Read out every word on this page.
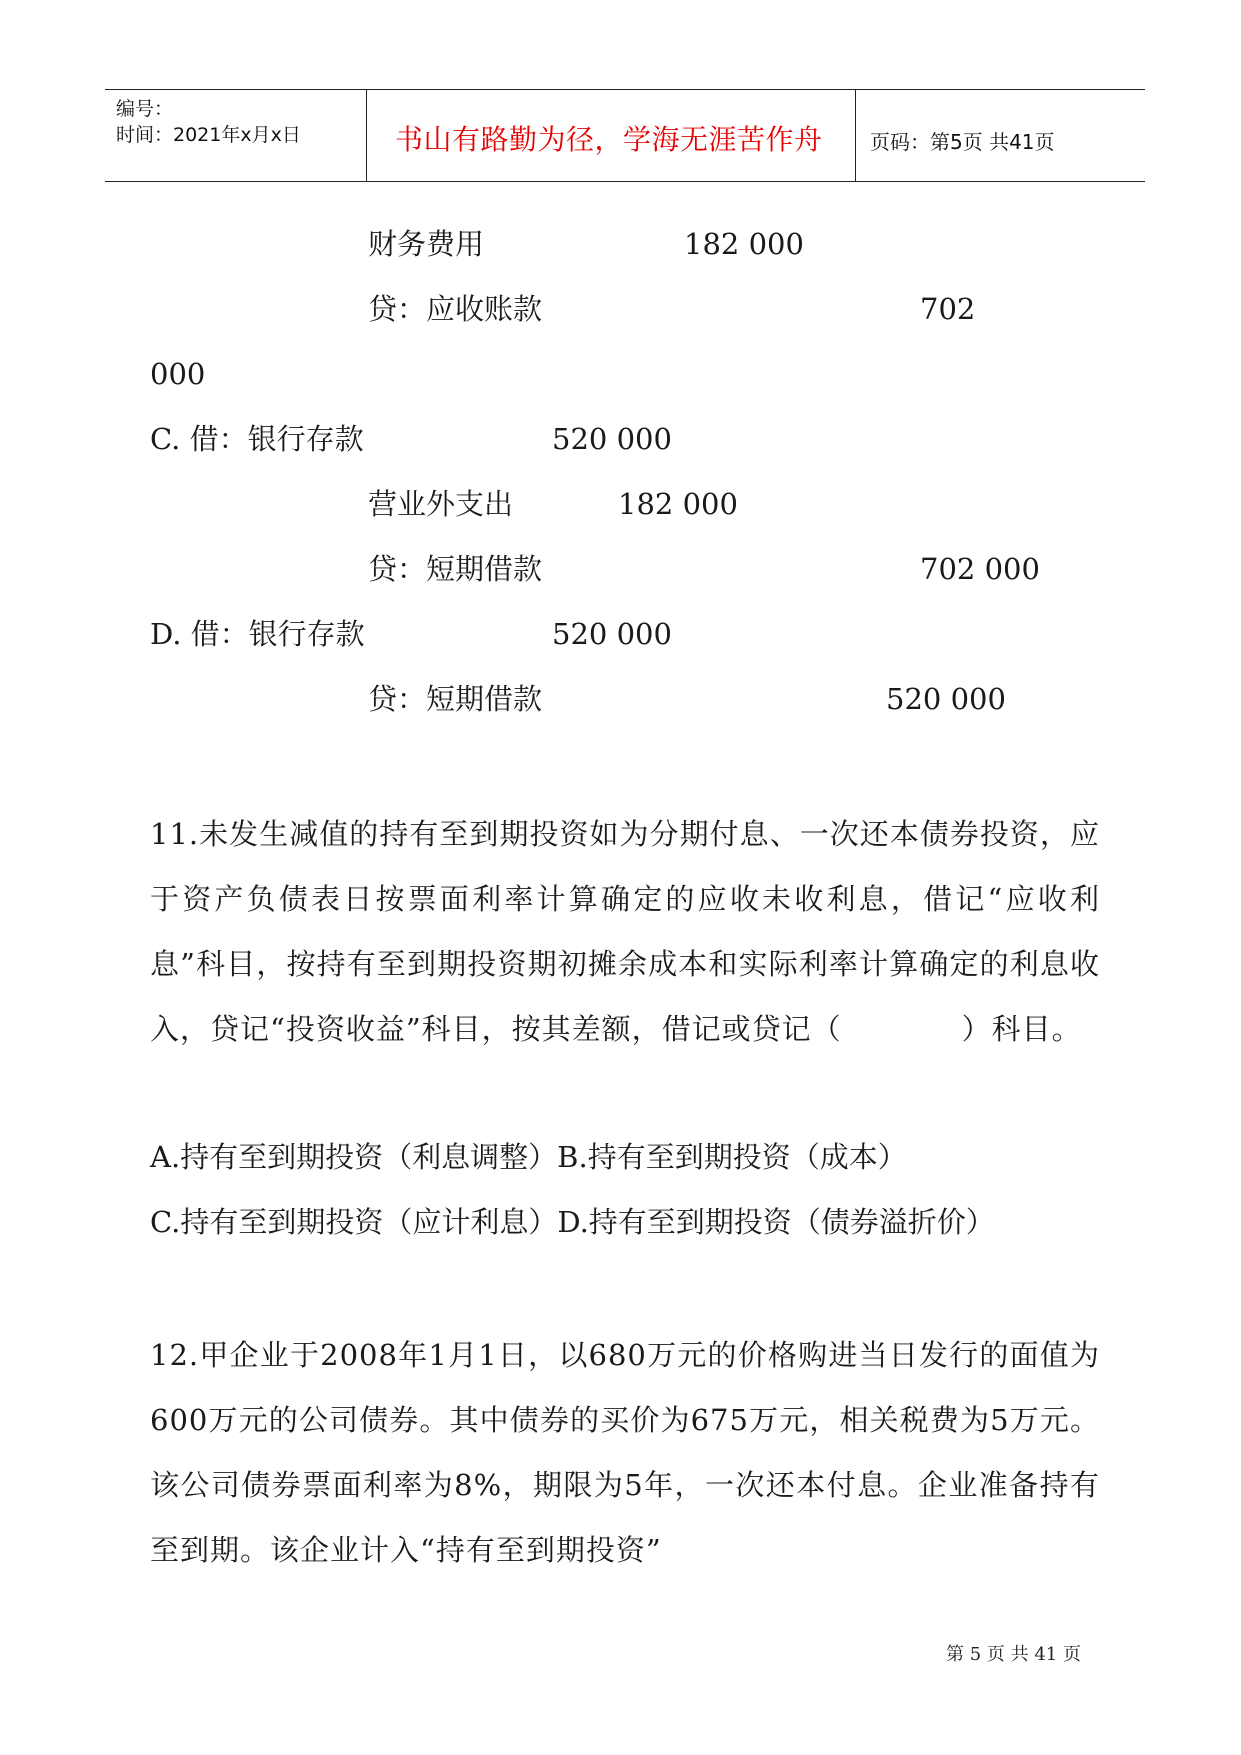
编号：
时间：2021年x月x日	书山有路勤为径，学海无涯苦作舟 页码：第5页 共41页
财务费用	182 000
贷：应收账款	702
000
C. 借：银行存款	520 000
营业外支出	182 000
贷：短期借款	702 000
D. 借：银行存款	520 000
贷：短期借款	520 000
11.未发生减值的持有至到期投资如为分期付息、一次还本债券投资，应于资产负债表日按票面利率计算确定的应收未收利息，借记“应收利息”科目，按持有至到期投资期初摊余成本和实际利率计算确定的利息收入，贷记“投资收益”科目，按其差额，借记或贷记（　　　　）科目。
A.持有至到期投资（利息调整）B.持有至到期投资（成本）
C.持有至到期投资（应计利息）D.持有至到期投资（债券溢折价）
12.甲企业于2008年1月1日，以680万元的价格购进当日发行的面值为600万元的公司债券。其中债券的买价为675万元，相关税费为5万元。该公司债券票面利率为8%，期限为5年，一次还本付息。企业准备持有至到期。该企业计入“持有至到期投资”
第 5 页 共 41 页
